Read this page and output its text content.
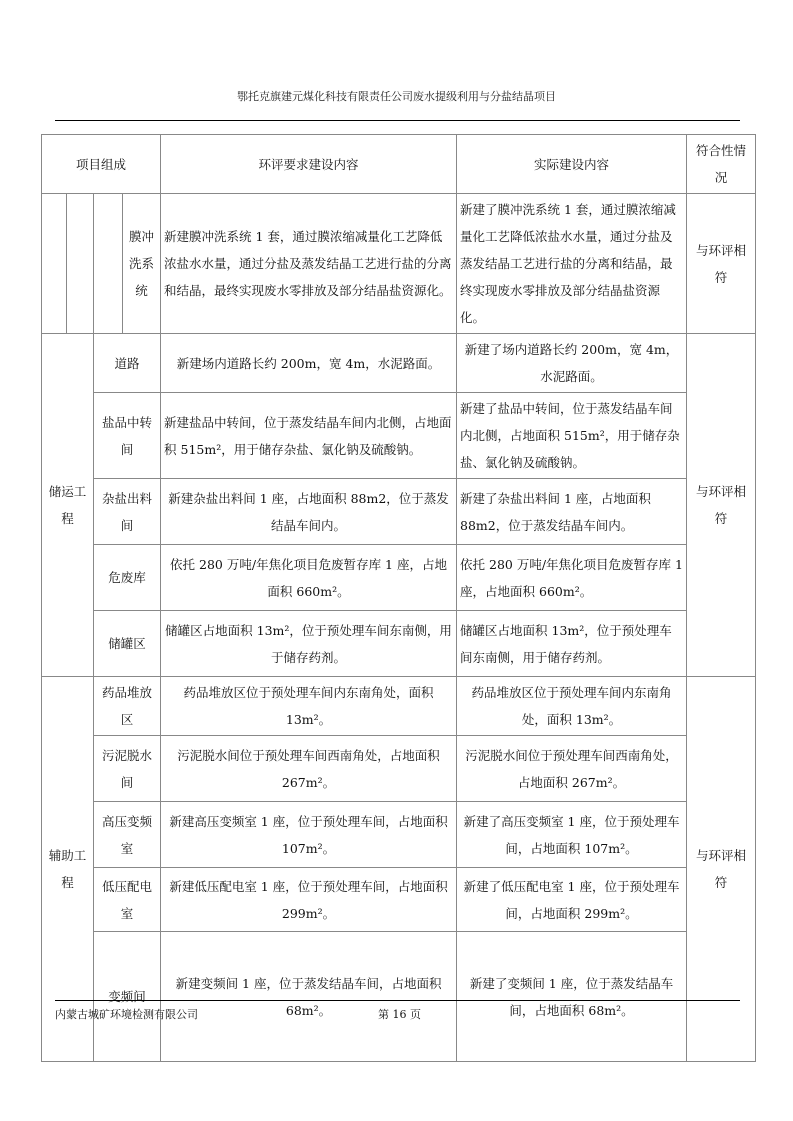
鄂托克旗建元煤化科技有限责任公司废水提级利用与分盐结晶项目
项目组成				环评要求建设内容	实际建设内容	符合性情况
			膜冲洗系统	新建膜冲洗系统 1 套，通过膜浓缩减量化工艺降低浓盐水水量，通过分盐及蒸发结晶工艺进行盐的分离和结晶，最终实现废水零排放及部分结晶盐资源化。	新建了膜冲洗系统 1 套，通过膜浓缩减量化工艺降低浓盐水水量，通过分盐及蒸发结晶工艺进行盐的分离和结晶，最终实现废水零排放及部分结晶盐资源化。	与环评相符
储运工程		道路		新建场内道路长约 200m，宽 4m，水泥路面。	新建了场内道路长约 200m，宽 4m，水泥路面。	与环评相符
		盐品中转间		新建盐品中转间，位于蒸发结晶车间内北侧，占地面积 515m²，用于储存杂盐、氯化钠及硫酸钠。	新建了盐品中转间，位于蒸发结晶车间内北侧，占地面积 515m²，用于储存杂盐、氯化钠及硫酸钠。	
		杂盐出料间		新建杂盐出料间 1 座，占地面积 88m2，位于蒸发结晶车间内。	新建了杂盐出料间 1 座，占地面积 88m2，位于蒸发结晶车间内。	
		危废库		依托 280 万吨/年焦化项目危废暂存库 1 座，占地面积 660m²。	依托 280 万吨/年焦化项目危废暂存库 1 座，占地面积 660m²。	
		储罐区		储罐区占地面积 13m²，位于预处理车间东南侧，用于储存药剂。	储罐区占地面积 13m²，位于预处理车间东南侧，用于储存药剂。	
辅助工程		药品堆放区		药品堆放区位于预处理车间内东南角处，面积 13m²。	药品堆放区位于预处理车间内东南角处，面积 13m²。	与环评相符
		污泥脱水间		污泥脱水间位于预处理车间西南角处，占地面积 267m²。	污泥脱水间位于预处理车间西南角处，占地面积 267m²。	
		高压变频室		新建高压变频室 1 座，位于预处理车间，占地面积 107m²。	新建了高压变频室 1 座，位于预处理车间，占地面积 107m²。	
		低压配电室		新建低压配电室 1 座，位于预处理车间，占地面积 299m²。	新建了低压配电室 1 座，位于预处理车间，占地面积 299m²。	
		变频间		新建变频间 1 座，位于蒸发结晶车间，占地面积 68m²。	新建了变频间 1 座，位于蒸发结晶车间，占地面积 68m²。	
内蒙古城矿环境检测有限公司	第 16 页
